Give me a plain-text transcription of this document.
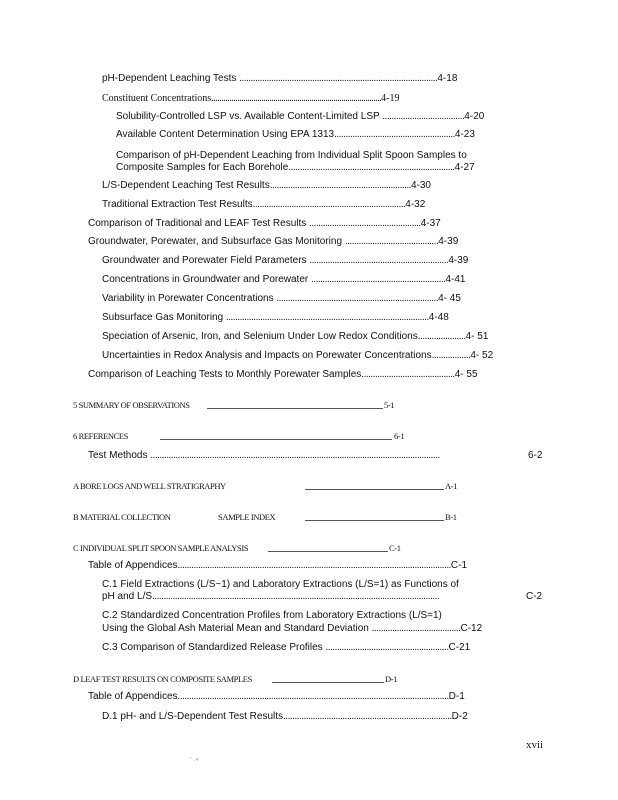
pH-Dependent Leaching Tests .......................................................................................4-18
Constituent Concentrations.....................................................................................4-19
Solubility-Controlled LSP vs. Available Content-Limited LSP ....................................4-20
Available Content Determination Using EPA 1313.....................................................4-23
Comparison of pH-Dependent Leaching from Individual Split Spoon Samples to
Composite Samples for Each Borehole.........................................................................4-27
L/S-Dependent Leaching Test Results..............................................................4-30
Traditional Extraction Test Results...................................................................4-32
Comparison of Traditional and LEAF Test Results .................................................4-37
Groundwater, Porewater, and Subsurface Gas Monitoring .........................................4-39
Groundwater and Porewater Field Parameters .............................................................4-39
Concentrations in Groundwater and Porewater ...........................................................4-41
Variability in Porewater Concentrations .......................................................................4- 45
Subsurface Gas Monitoring .........................................................................................4-48
Speciation of Arsenic, Iron, and Selenium Under Low Redox Conditions.....................4- 51
Uncertainties in Redox Analysis and Impacts on Porewater Concentrations.................4- 52
Comparison of Leaching Tests to Monthly Porewater Samples.........................................4- 55
5 SUMMARY OF OBSERVATIONS	5-1
6 REFERENCES	6-1
Test Methods ...............................................................................................................................	6-2
A BORE LOGS AND WELL STRATIGRAPHY	A-1
B MATERIAL COLLECTION	SAMPLE INDEX	B-1
C INDIVIDUAL SPLIT SPOON SAMPLE ANALYSIS	C-1
Table of Appendices........................................................................................................................C-1
C.1 Field Extractions (L/S~1) and Laboratory Extractions (L/S=1) as Functions of
pH and L/S..............................................................................................................................	C-2
C.2 Standardized Concentration Profiles from Laboratory Extractions (L/S=1)
Using the Global Ash Material Mean and Standard Deviation .......................................C-12
C.3 Comparison of Standardized Release Profiles ......................................................C-21
D LEAF TEST RESULTS ON COMPOSITE SAMPLES	D-1
Table of Appendices.......................................................................................................................D-1
D.1 pH- and L/S-Dependent Test Results..........................................................................D-2
xvii
´ ·⁴
